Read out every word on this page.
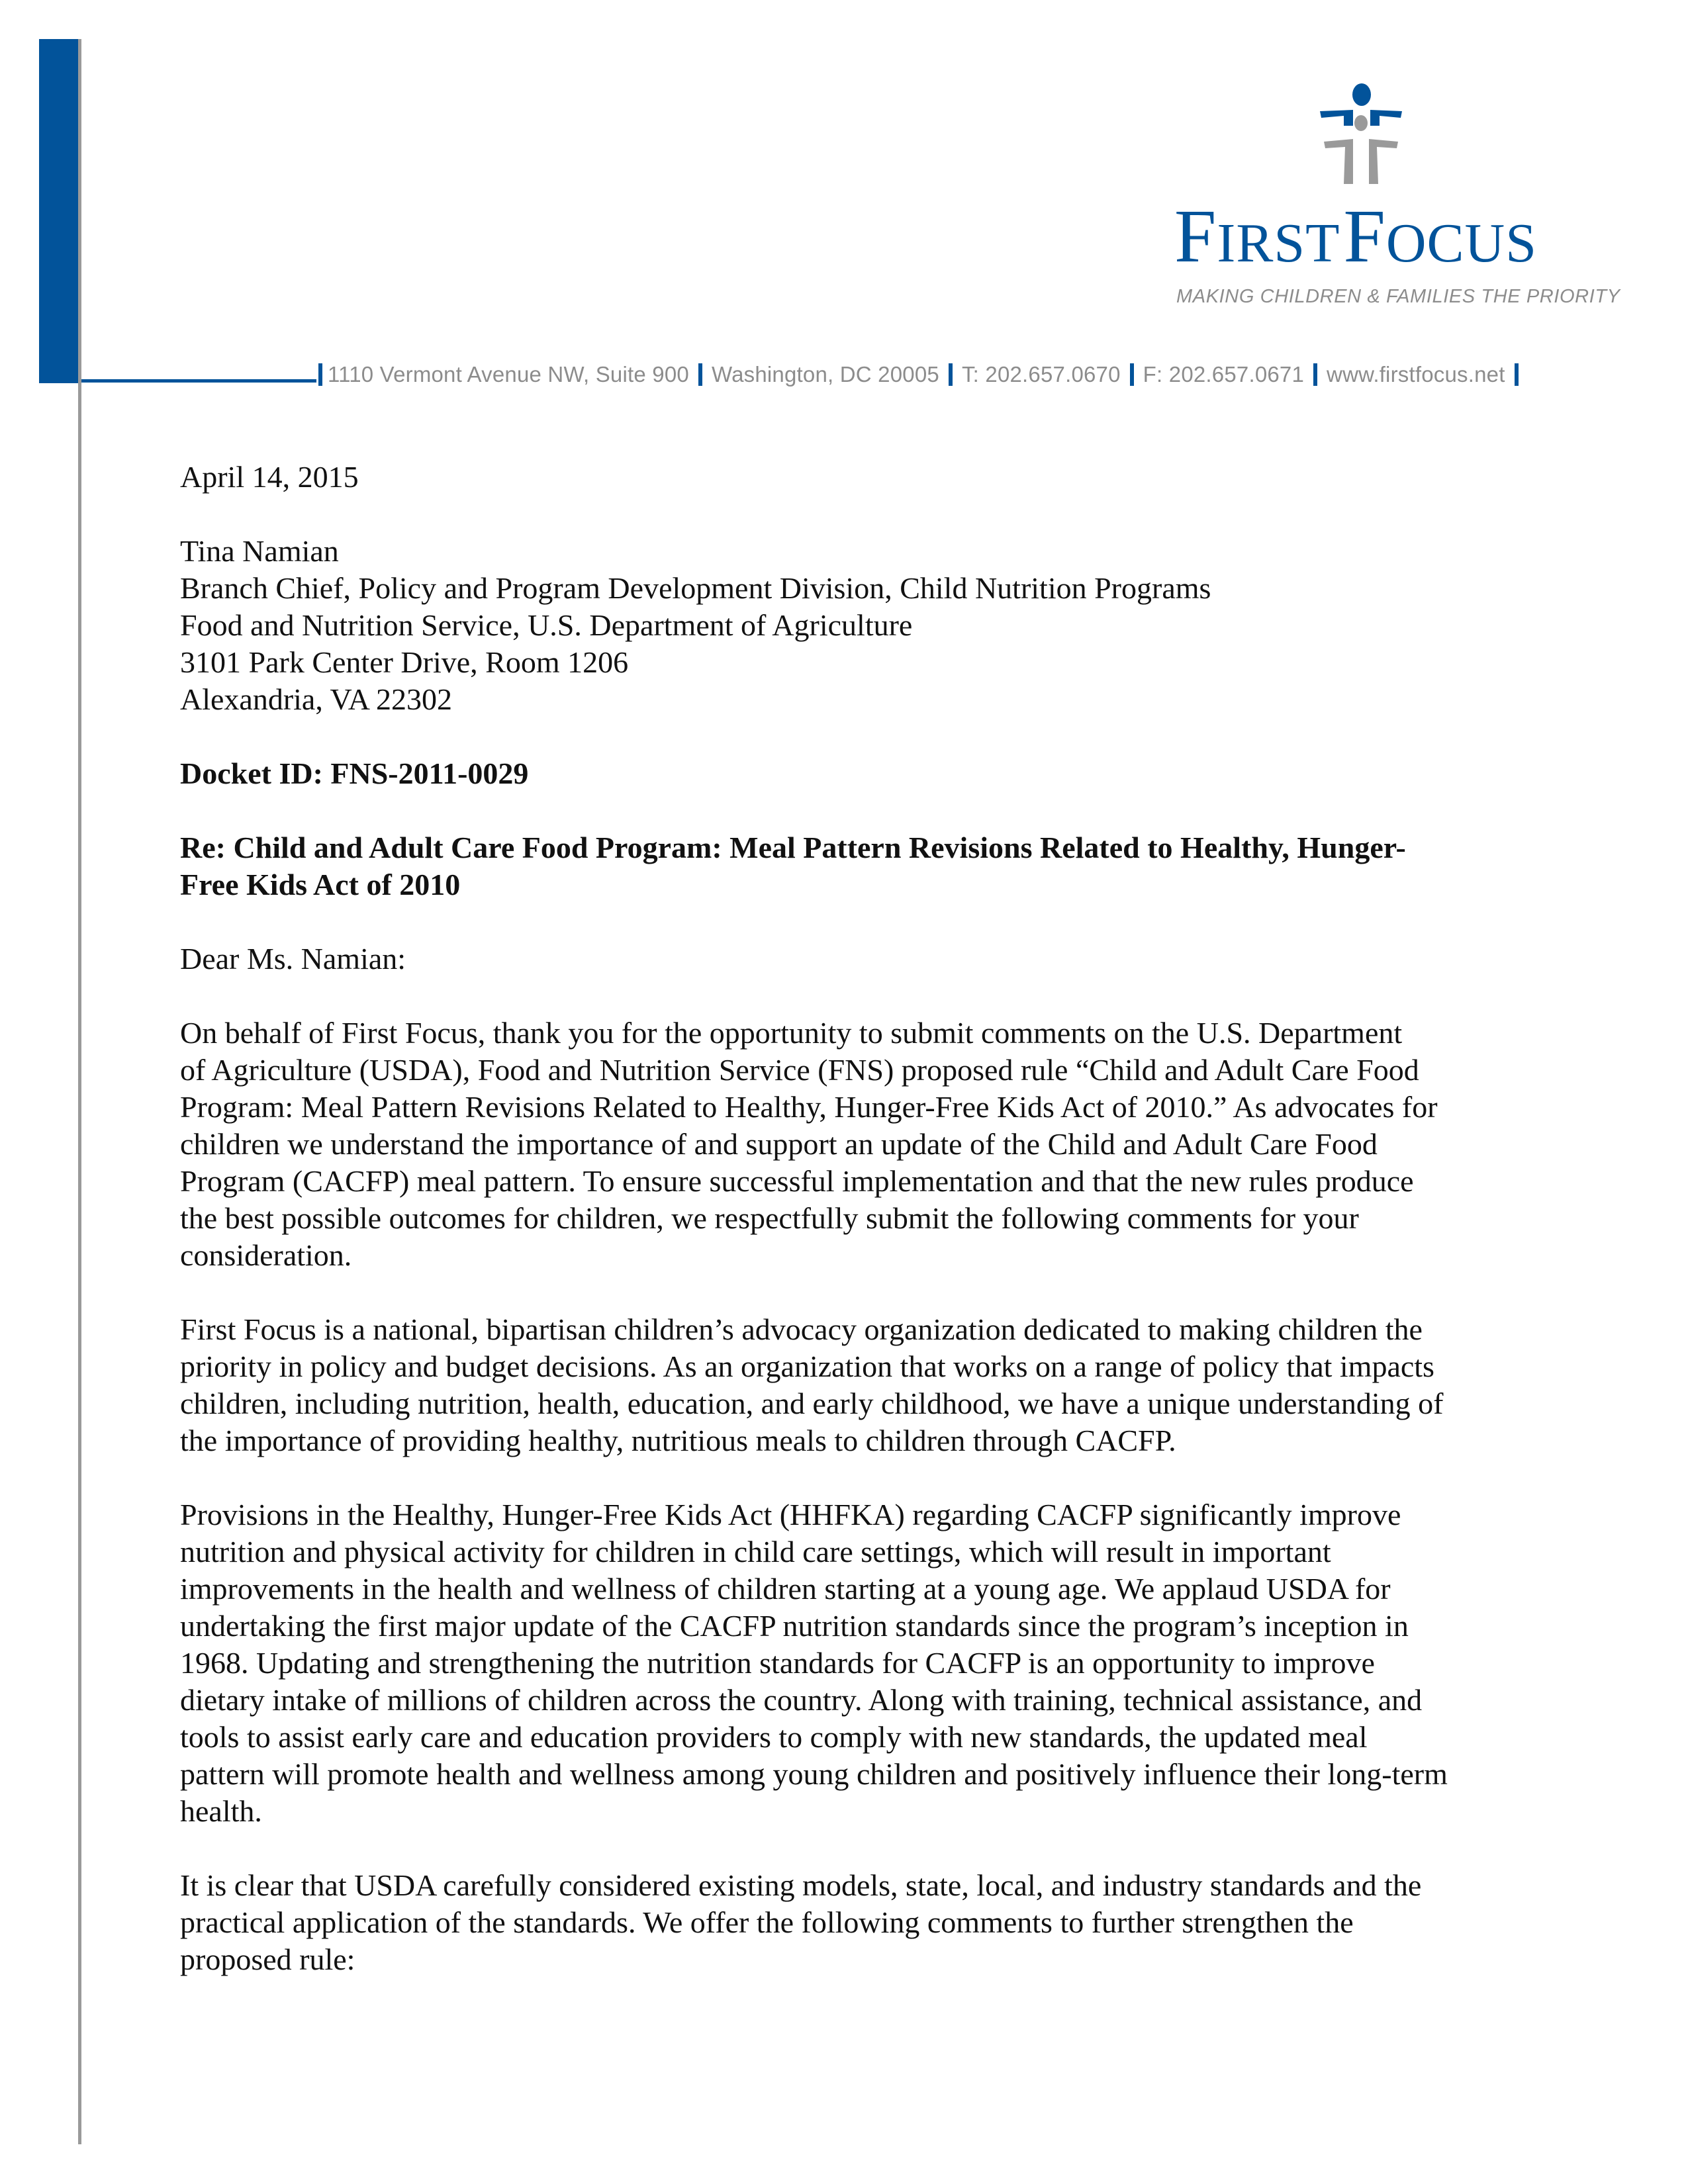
FIRST FOCUS
MAKING CHILDREN & FAMILIES THE PRIORITY
1110 Vermont Avenue NW, Suite 900 Washington, DC 20005 T: 202.657.0670 F: 202.657.0671 www.firstfocus.net

April 14, 2015

Tina Namian
Branch Chief, Policy and Program Development Division, Child Nutrition Programs
Food and Nutrition Service, U.S. Department of Agriculture
3101 Park Center Drive, Room 1206
Alexandria, VA 22302

Docket ID: FNS-2011-0029

Re: Child and Adult Care Food Program: Meal Pattern Revisions Related to Healthy, Hunger-
Free Kids Act of 2010

Dear Ms. Namian:

On behalf of First Focus, thank you for the opportunity to submit comments on the U.S. Department
of Agriculture (USDA), Food and Nutrition Service (FNS) proposed rule “Child and Adult Care Food
Program: Meal Pattern Revisions Related to Healthy, Hunger-Free Kids Act of 2010.” As advocates for
children we understand the importance of and support an update of the Child and Adult Care Food
Program (CACFP) meal pattern. To ensure successful implementation and that the new rules produce
the best possible outcomes for children, we respectfully submit the following comments for your
consideration.

First Focus is a national, bipartisan children’s advocacy organization dedicated to making children the
priority in policy and budget decisions. As an organization that works on a range of policy that impacts
children, including nutrition, health, education, and early childhood, we have a unique understanding of
the importance of providing healthy, nutritious meals to children through CACFP.

Provisions in the Healthy, Hunger-Free Kids Act (HHFKA) regarding CACFP significantly improve
nutrition and physical activity for children in child care settings, which will result in important
improvements in the health and wellness of children starting at a young age. We applaud USDA for
undertaking the first major update of the CACFP nutrition standards since the program’s inception in
1968. Updating and strengthening the nutrition standards for CACFP is an opportunity to improve
dietary intake of millions of children across the country. Along with training, technical assistance, and
tools to assist early care and education providers to comply with new standards, the updated meal
pattern will promote health and wellness among young children and positively influence their long-term
health.

It is clear that USDA carefully considered existing models, state, local, and industry standards and the
practical application of the standards. We offer the following comments to further strengthen the
proposed rule:
